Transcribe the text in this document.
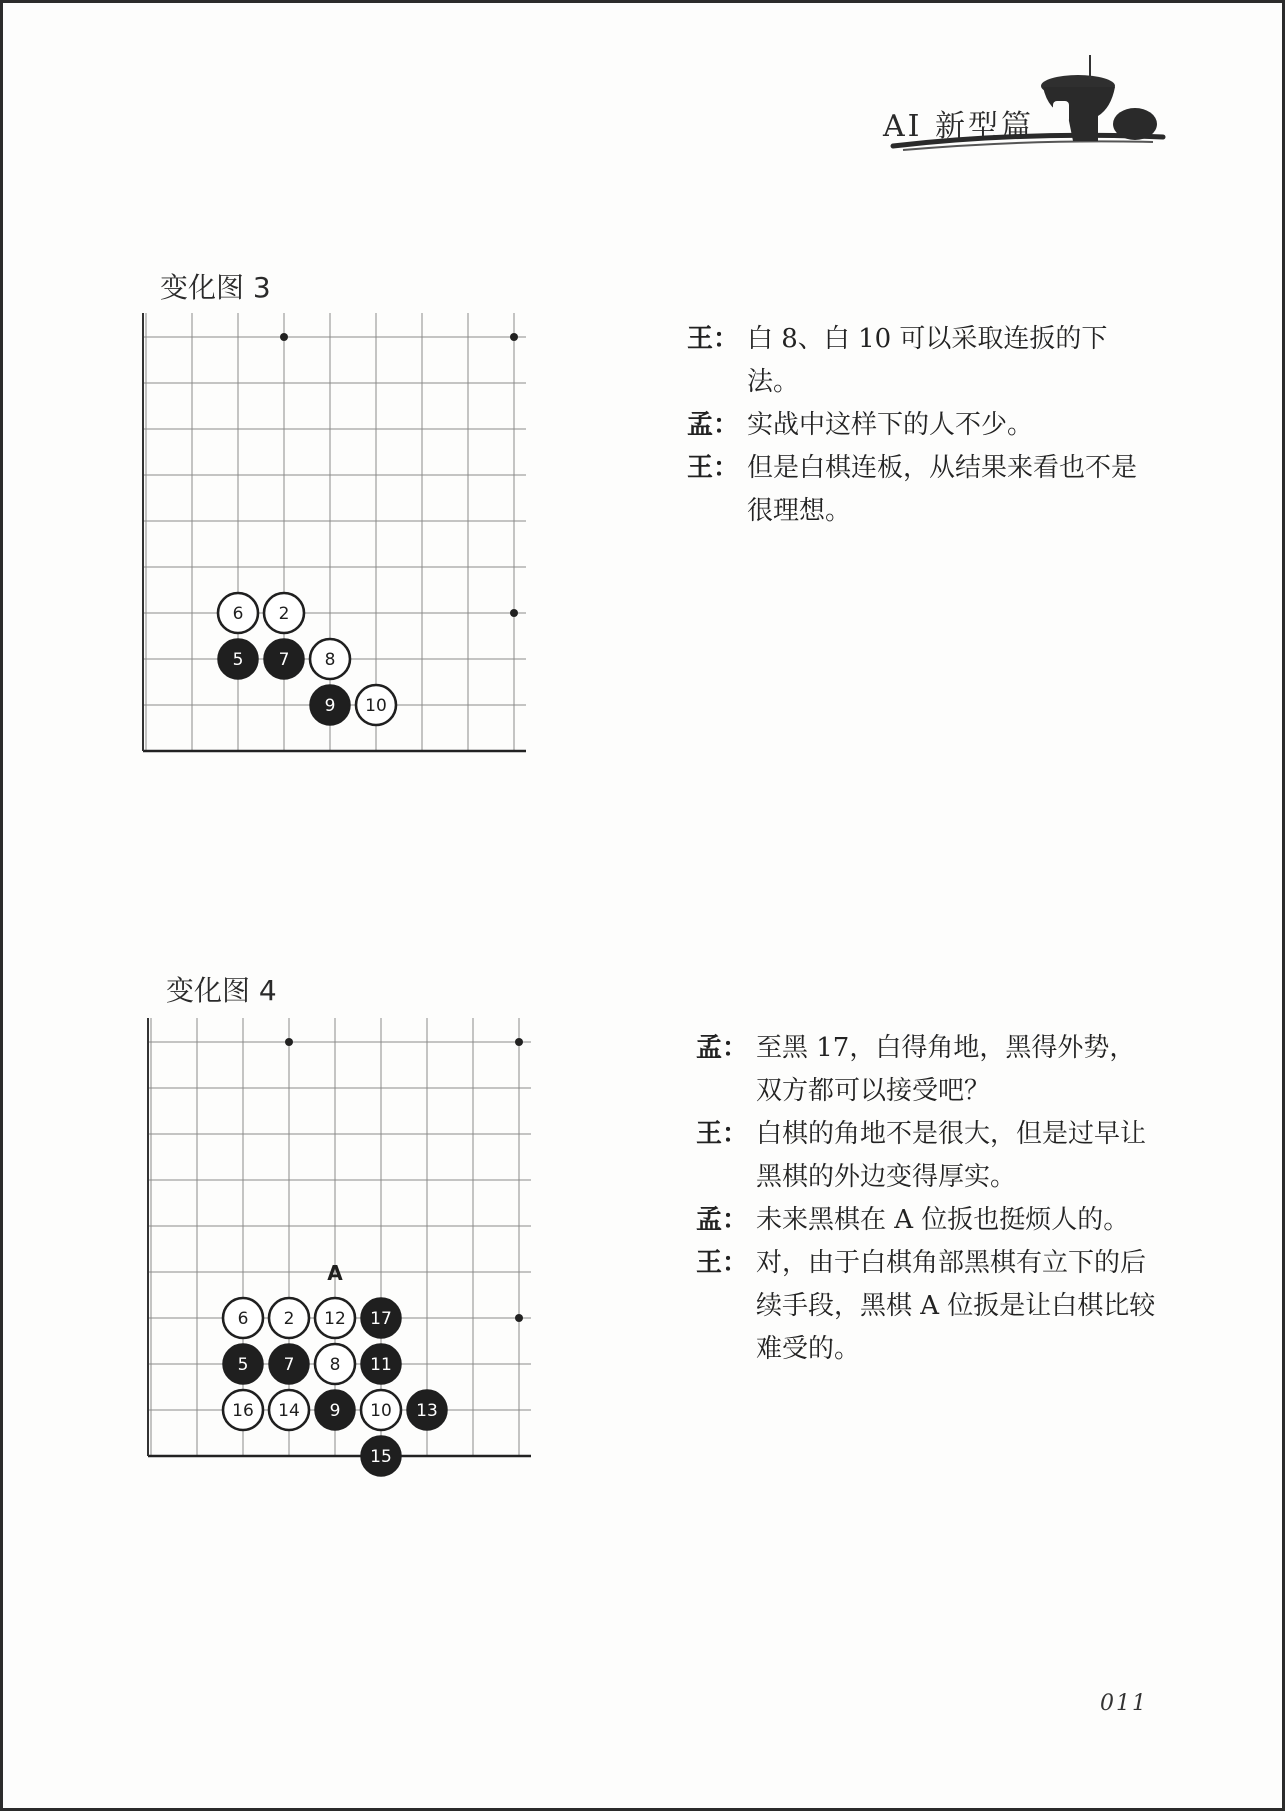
AI 新型篇
变化图 3
6 2
5 7 8
9 10
王： 白 8、白 10 可以采取连扳的下法。
孟： 实战中这样下的人不少。
王： 但是白棋连板，从结果来看也不是很理想。
变化图 4
6 2 12 17
5 7 8 11
16 14 9 10 13
15
A
孟： 至黑 17，白得角地，黑得外势，双方都可以接受吧？
王： 白棋的角地不是很大，但是过早让黑棋的外边变得厚实。
孟： 未来黑棋在 A 位扳也挺烦人的。
王： 对，由于白棋角部黑棋有立下的后续手段，黑棋 A 位扳是让白棋比较难受的。
011
